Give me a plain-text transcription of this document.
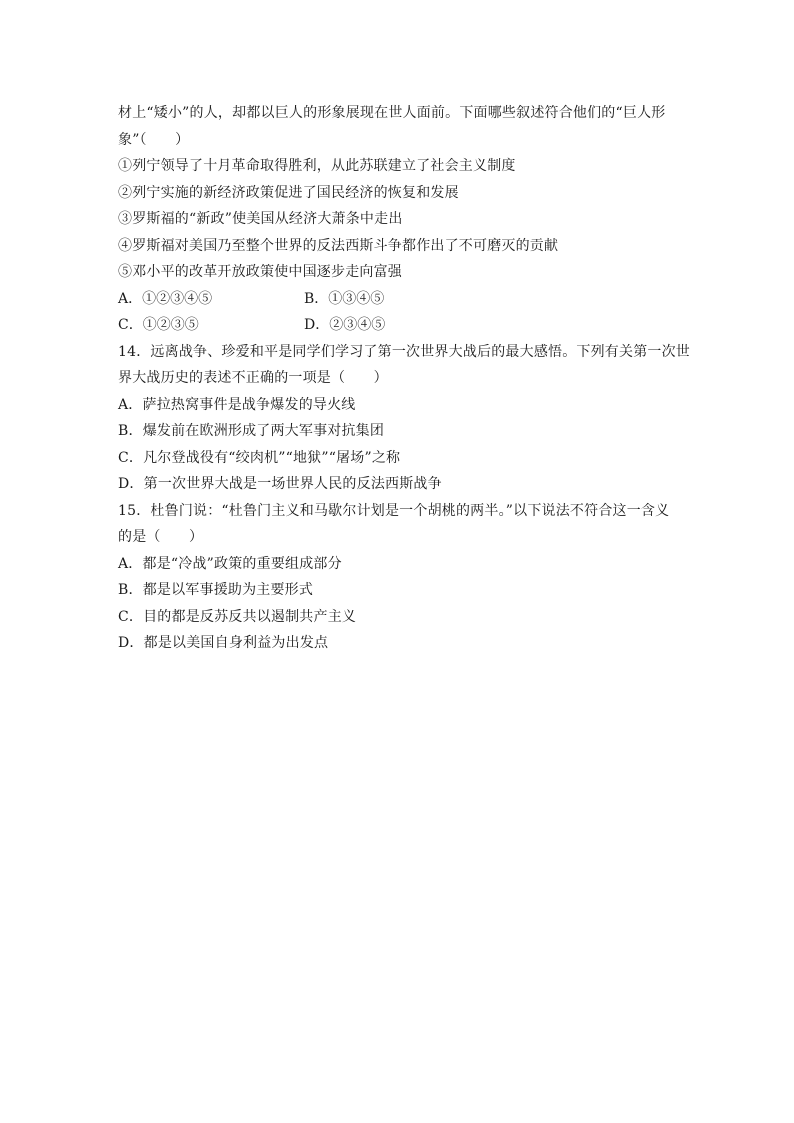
材上“矮小”的人，却都以巨人的形象展现在世人面前。下面哪些叙述符合他们的“巨人形
象”（　　）
①列宁领导了十月革命取得胜利，从此苏联建立了社会主义制度
②列宁实施的新经济政策促进了国民经济的恢复和发展
③罗斯福的“新政”使美国从经济大萧条中走出
④罗斯福对美国乃至整个世界的反法西斯斗争都作出了不可磨灭的贡献
⑤邓小平的改革开放政策使中国逐步走向富强
A．①②③④⑤	B．①③④⑤
C．①②③⑤	D．②③④⑤
14．远离战争、珍爱和平是同学们学习了第一次世界大战后的最大感悟。下列有关第一次世
界大战历史的表述不正确的一项是（　　）
A．萨拉热窝事件是战争爆发的导火线
B．爆发前在欧洲形成了两大军事对抗集团
C．凡尔登战役有“绞肉机”“地狱”“屠场”之称
D．第一次世界大战是一场世界人民的反法西斯战争
15．杜鲁门说：“杜鲁门主义和马歇尔计划是一个胡桃的两半。”以下说法不符合这一含义
的是（　　）
A．都是“冷战”政策的重要组成部分
B．都是以军事援助为主要形式
C．目的都是反苏反共以遏制共产主义
D．都是以美国自身利益为出发点
